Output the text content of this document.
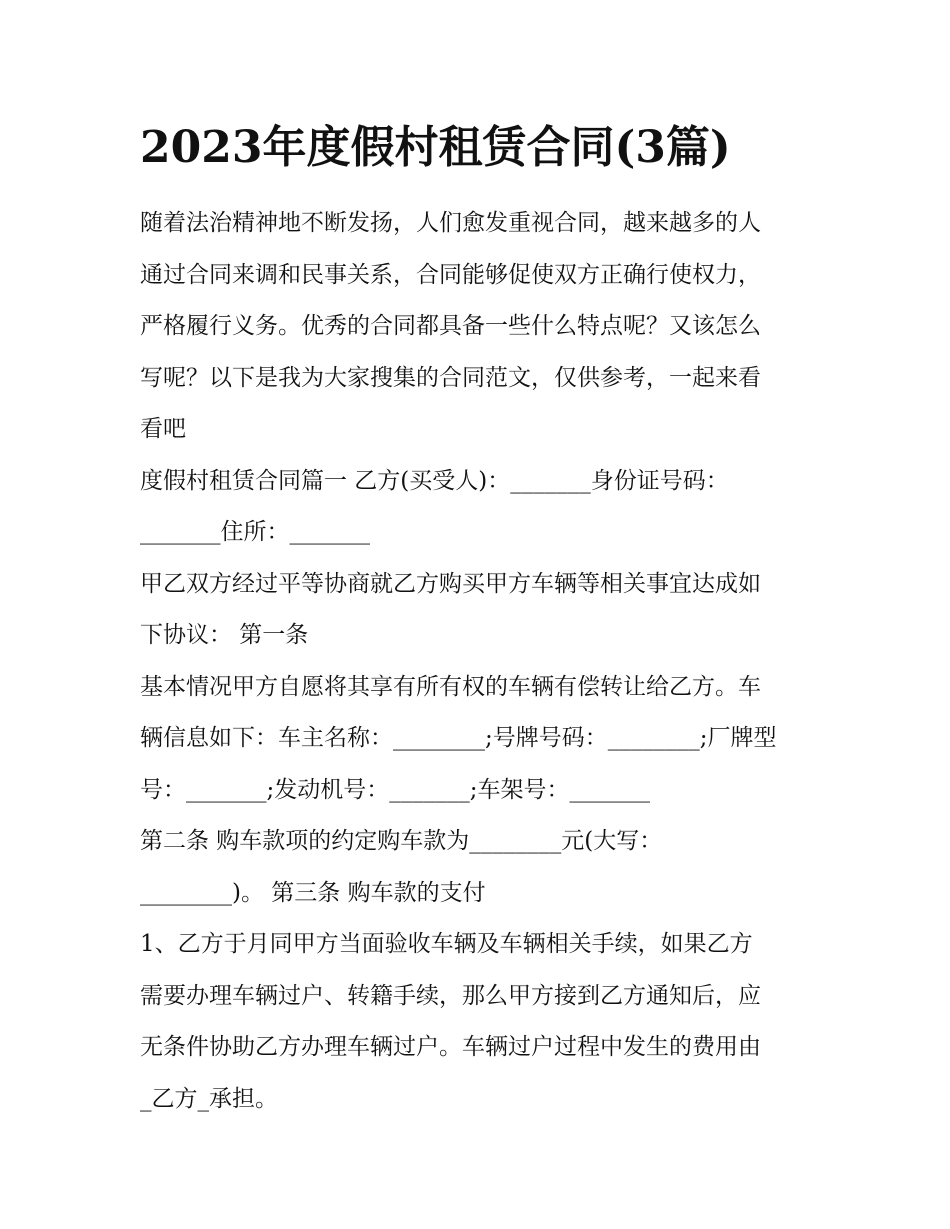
2023年度假村租赁合同(3篇)

随着法治精神地不断发扬，人们愈发重视合同，越来越多的人

通过合同来调和民事关系，合同能够促使双方正确行使权力，

严格履行义务。优秀的合同都具备一些什么特点呢？又该怎么

写呢？以下是我为大家搜集的合同范文，仅供参考，一起来看

看吧

度假村租赁合同篇一 乙方(买受人)：_______身份证号码：

_______住所：_______

甲乙双方经过平等协商就乙方购买甲方车辆等相关事宜达成如

下协议： 第一条

基本情况甲方自愿将其享有所有权的车辆有偿转让给乙方。车

辆信息如下：车主名称：________;号牌号码：________;厂牌型

号：_______;发动机号：_______;车架号：_______

第二条 购车款项的约定购车款为________元(大写：

________)。 第三条 购车款的支付

1、乙方于月同甲方当面验收车辆及车辆相关手续，如果乙方

需要办理车辆过户、转籍手续，那么甲方接到乙方通知后，应

无条件协助乙方办理车辆过户。车辆过户过程中发生的费用由

_乙方_承担。
